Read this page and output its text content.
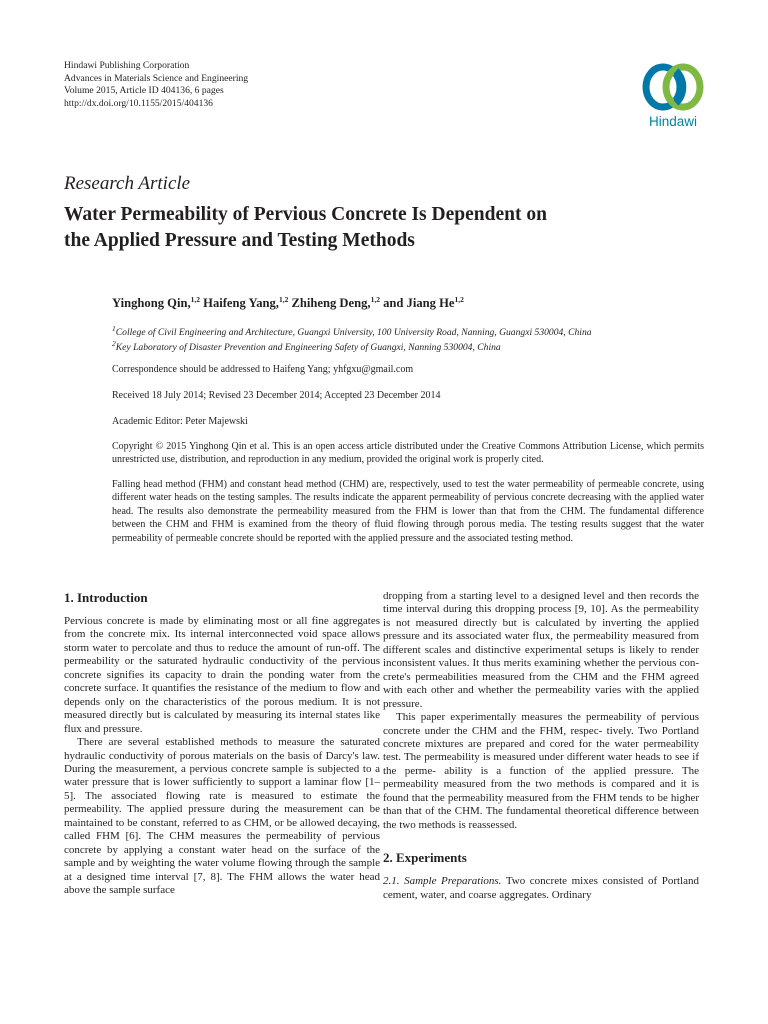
Hindawi Publishing Corporation
Advances in Materials Science and Engineering
Volume 2015, Article ID 404136, 6 pages
http://dx.doi.org/10.1155/2015/404136
Hindawi
Research Article
Water Permeability of Pervious Concrete Is Dependent on
the Applied Pressure and Testing Methods
Yinghong Qin,$^{1,2}$ Haifeng Yang,$^{1,2}$ Zhiheng Deng,$^{1,2}$ and Jiang He$^{1,2}$
$^1$College of Civil Engineering and Architecture, Guangxi University, 100 University Road, Nanning, Guangxi 530004, China
$^2$Key Laboratory of Disaster Prevention and Engineering Safety of Guangxi, Nanning 530004, China
Correspondence should be addressed to Haifeng Yang; yhfgxu@gmail.com
Received 18 July 2014; Revised 23 December 2014; Accepted 23 December 2014
Academic Editor: Peter Majewski
Copyright © 2015 Yinghong Qin et al. This is an open access article distributed under the Creative Commons Attribution License, which permits unrestricted use, distribution, and reproduction in any medium, provided the original work is properly cited.
Falling head method (FHM) and constant head method (CHM) are, respectively, used to test the water permeability of permeable concrete, using different water heads on the testing samples. The results indicate the apparent permeability of pervious concrete decreasing with the applied water head. The results also demonstrate the permeability measured from the FHM is lower than that from the CHM. The fundamental difference between the CHM and FHM is examined from the theory of fluid flowing through porous media. The testing results suggest that the water permeability of permeable concrete should be reported with the applied pressure and the associated testing method.
1. Introduction

Pervious concrete is made by eliminating most or all fine aggregates from the concrete mix. Its internal interconnected void space allows storm water to percolate and thus to reduce the amount of run-off. The permeability or the saturated hydraulic conductivity of the pervious concrete signifies its capacity to drain the ponding water from the concrete surface. It quantifies the resistance of the medium to flow and depends only on the characteristics of the porous medium. It is not measured directly but is calculated by measuring its internal states like flux and pressure.

There are several established methods to measure the saturated hydraulic conductivity of porous materials on the basis of Darcy's law. During the measurement, a pervious concrete sample is subjected to a water pressure that is lower sufficiently to support a laminar flow [1–5]. The associated flowing rate is measured to estimate the permeability. The applied pressure during the measurement can be maintained to be constant, referred to as CHM, or be allowed decaying, called FHM [6]. The CHM measures the permeability of pervious concrete by applying a constant water head on the surface of the sample and by weighting the water volume flowing through the sample at a designed time interval [7, 8]. The FHM allows the water head above the sample surface

dropping from a starting level to a designed level and then records the time interval during this dropping process [9, 10]. As the permeability is not measured directly but is calculated by inverting the applied pressure and its associated water flux, the permeability measured from different scales and distinctive experimental setups is likely to render inconsistent values. It thus merits examining whether the pervious con- crete's permeabilities measured from the CHM and the FHM agreed with each other and whether the permeability varies with the applied pressure.

This paper experimentally measures the permeability of pervious concrete under the CHM and the FHM, respec- tively. Two Portland concrete mixtures are prepared and cored for the water permeability test. The permeability is measured under different water heads to see if the perme- ability is a function of the applied pressure. The permeability measured from the two methods is compared and it is found that the permeability measured from the FHM tends to be higher than that of the CHM. The fundamental theoretical difference between the two methods is reassessed.

2. Experiments

2.1. Sample Preparations. Two concrete mixes consisted of Portland cement, water, and coarse aggregates. Ordinary
